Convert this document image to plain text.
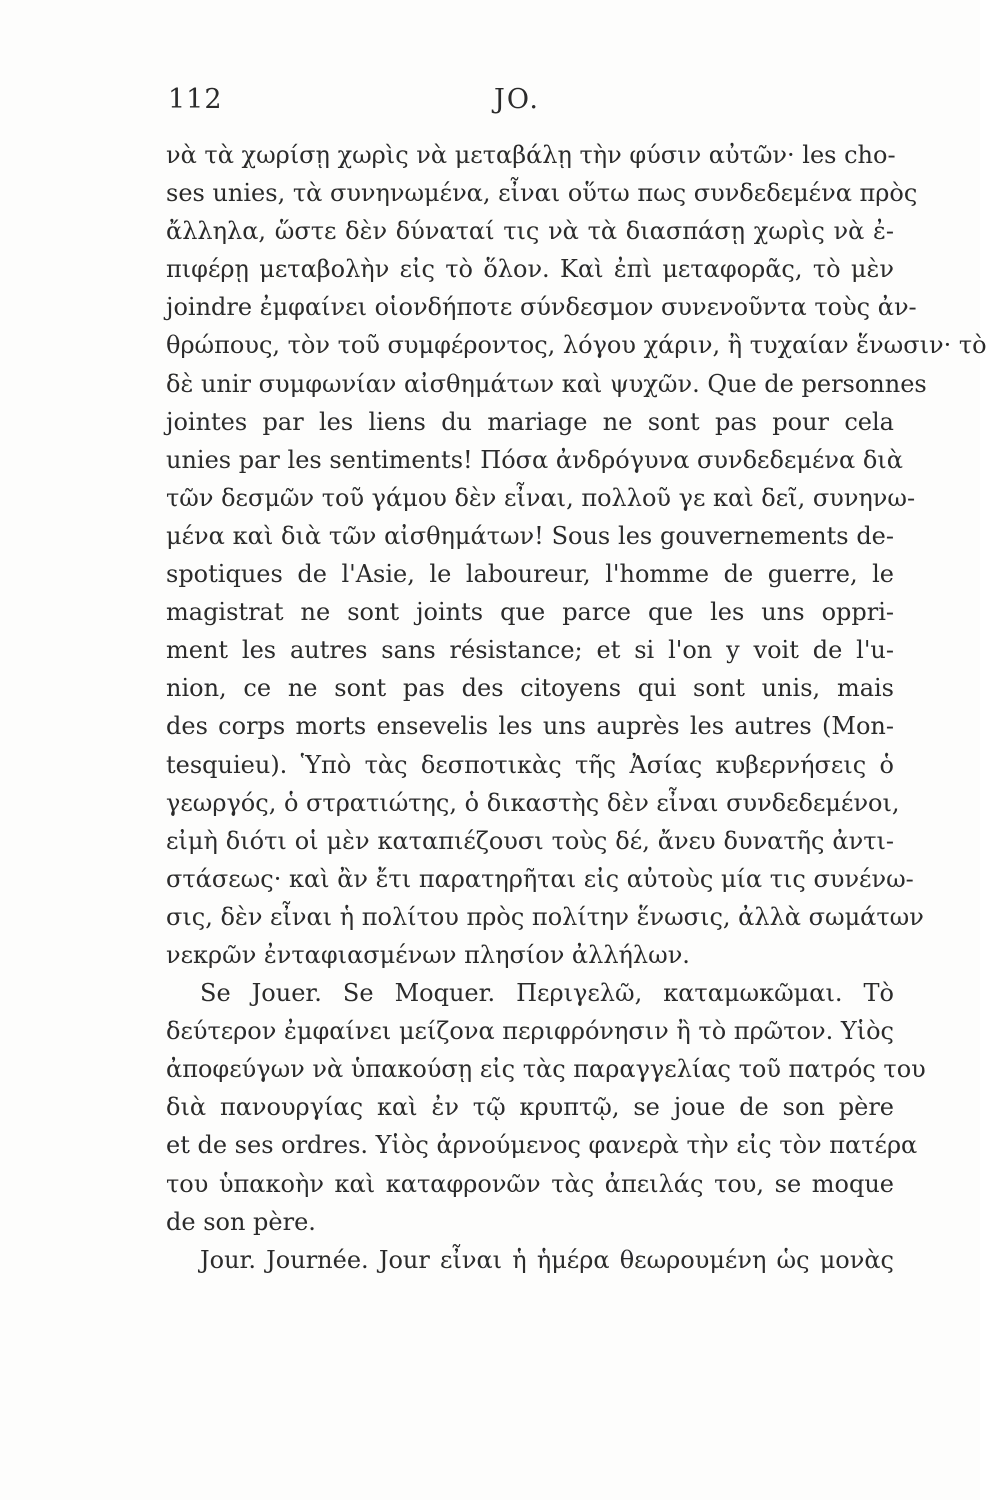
112	JO.
νὰ τὰ χωρίσῃ χωρὶς νὰ μεταβάλῃ τὴν φύσιν αὐτῶν· les cho-
ses unies, τὰ συνηνωμένα, εἶναι οὕτω πως συνδεδεμένα πρὸς
ἄλληλα, ὥστε δὲν δύναταί τις νὰ τὰ διασπάσῃ χωρὶς νὰ ἐ-
πιφέρῃ μεταβολὴν εἰς τὸ ὅλον. Καὶ ἐπὶ μεταφορᾶς, τὸ μὲν
joindre ἐμφαίνει οἱονδήποτε σύνδεσμον συνενοῦντα τοὺς ἀν-
θρώπους, τὸν τοῦ συμφέροντος, λόγου χάριν, ἢ τυχαίαν ἕνωσιν· τὸ
δὲ unir συμφωνίαν αἰσθημάτων καὶ ψυχῶν. Que de personnes
jointes par les liens du mariage ne sont pas pour cela
unies par les sentiments! Πόσα ἀνδρόγυνα συνδεδεμένα διὰ
τῶν δεσμῶν τοῦ γάμου δὲν εἶναι, πολλοῦ γε καὶ δεῖ, συνηνω-
μένα καὶ διὰ τῶν αἰσθημάτων! Sous les gouvernements de-
spotiques de l'Asie, le laboureur, l'homme de guerre, le
magistrat ne sont joints que parce que les uns oppri-
ment les autres sans résistance; et si l'on y voit de l'u-
nion, ce ne sont pas des citoyens qui sont unis, mais
des corps morts ensevelis les uns auprès les autres (Mon-
tesquieu). Ὑπὸ τὰς δεσποτικὰς τῆς Ἀσίας κυβερνήσεις ὁ
γεωργός, ὁ στρατιώτης, ὁ δικαστὴς δὲν εἶναι συνδεδεμένοι,
εἰμὴ διότι οἱ μὲν καταπιέζουσι τοὺς δέ, ἄνευ δυνατῆς ἀντι-
στάσεως· καὶ ἂν ἔτι παρατηρῆται εἰς αὐτοὺς μία τις συνένω-
σις, δὲν εἶναι ἡ πολίτου πρὸς πολίτην ἕνωσις, ἀλλὰ σωμάτων
νεκρῶν ἐνταφιασμένων πλησίον ἀλλήλων.
Se Jouer. Se Moquer. Περιγελῶ, καταμωκῶμαι. Τὸ
δεύτερον ἐμφαίνει μείζονα περιφρόνησιν ἢ τὸ πρῶτον. Υἱὸς
ἀποφεύγων νὰ ὑπακούσῃ εἰς τὰς παραγγελίας τοῦ πατρός του
διὰ πανουργίας καὶ ἐν τῷ κρυπτῷ, se joue de son père
et de ses ordres. Υἱὸς ἀρνούμενος φανερὰ τὴν εἰς τὸν πατέρα
του ὑπακοὴν καὶ καταφρονῶν τὰς ἀπειλάς του, se moque
de son père.
Jour. Journée. Jour εἶναι ἡ ἡμέρα θεωρουμένη ὡς μονὰς
